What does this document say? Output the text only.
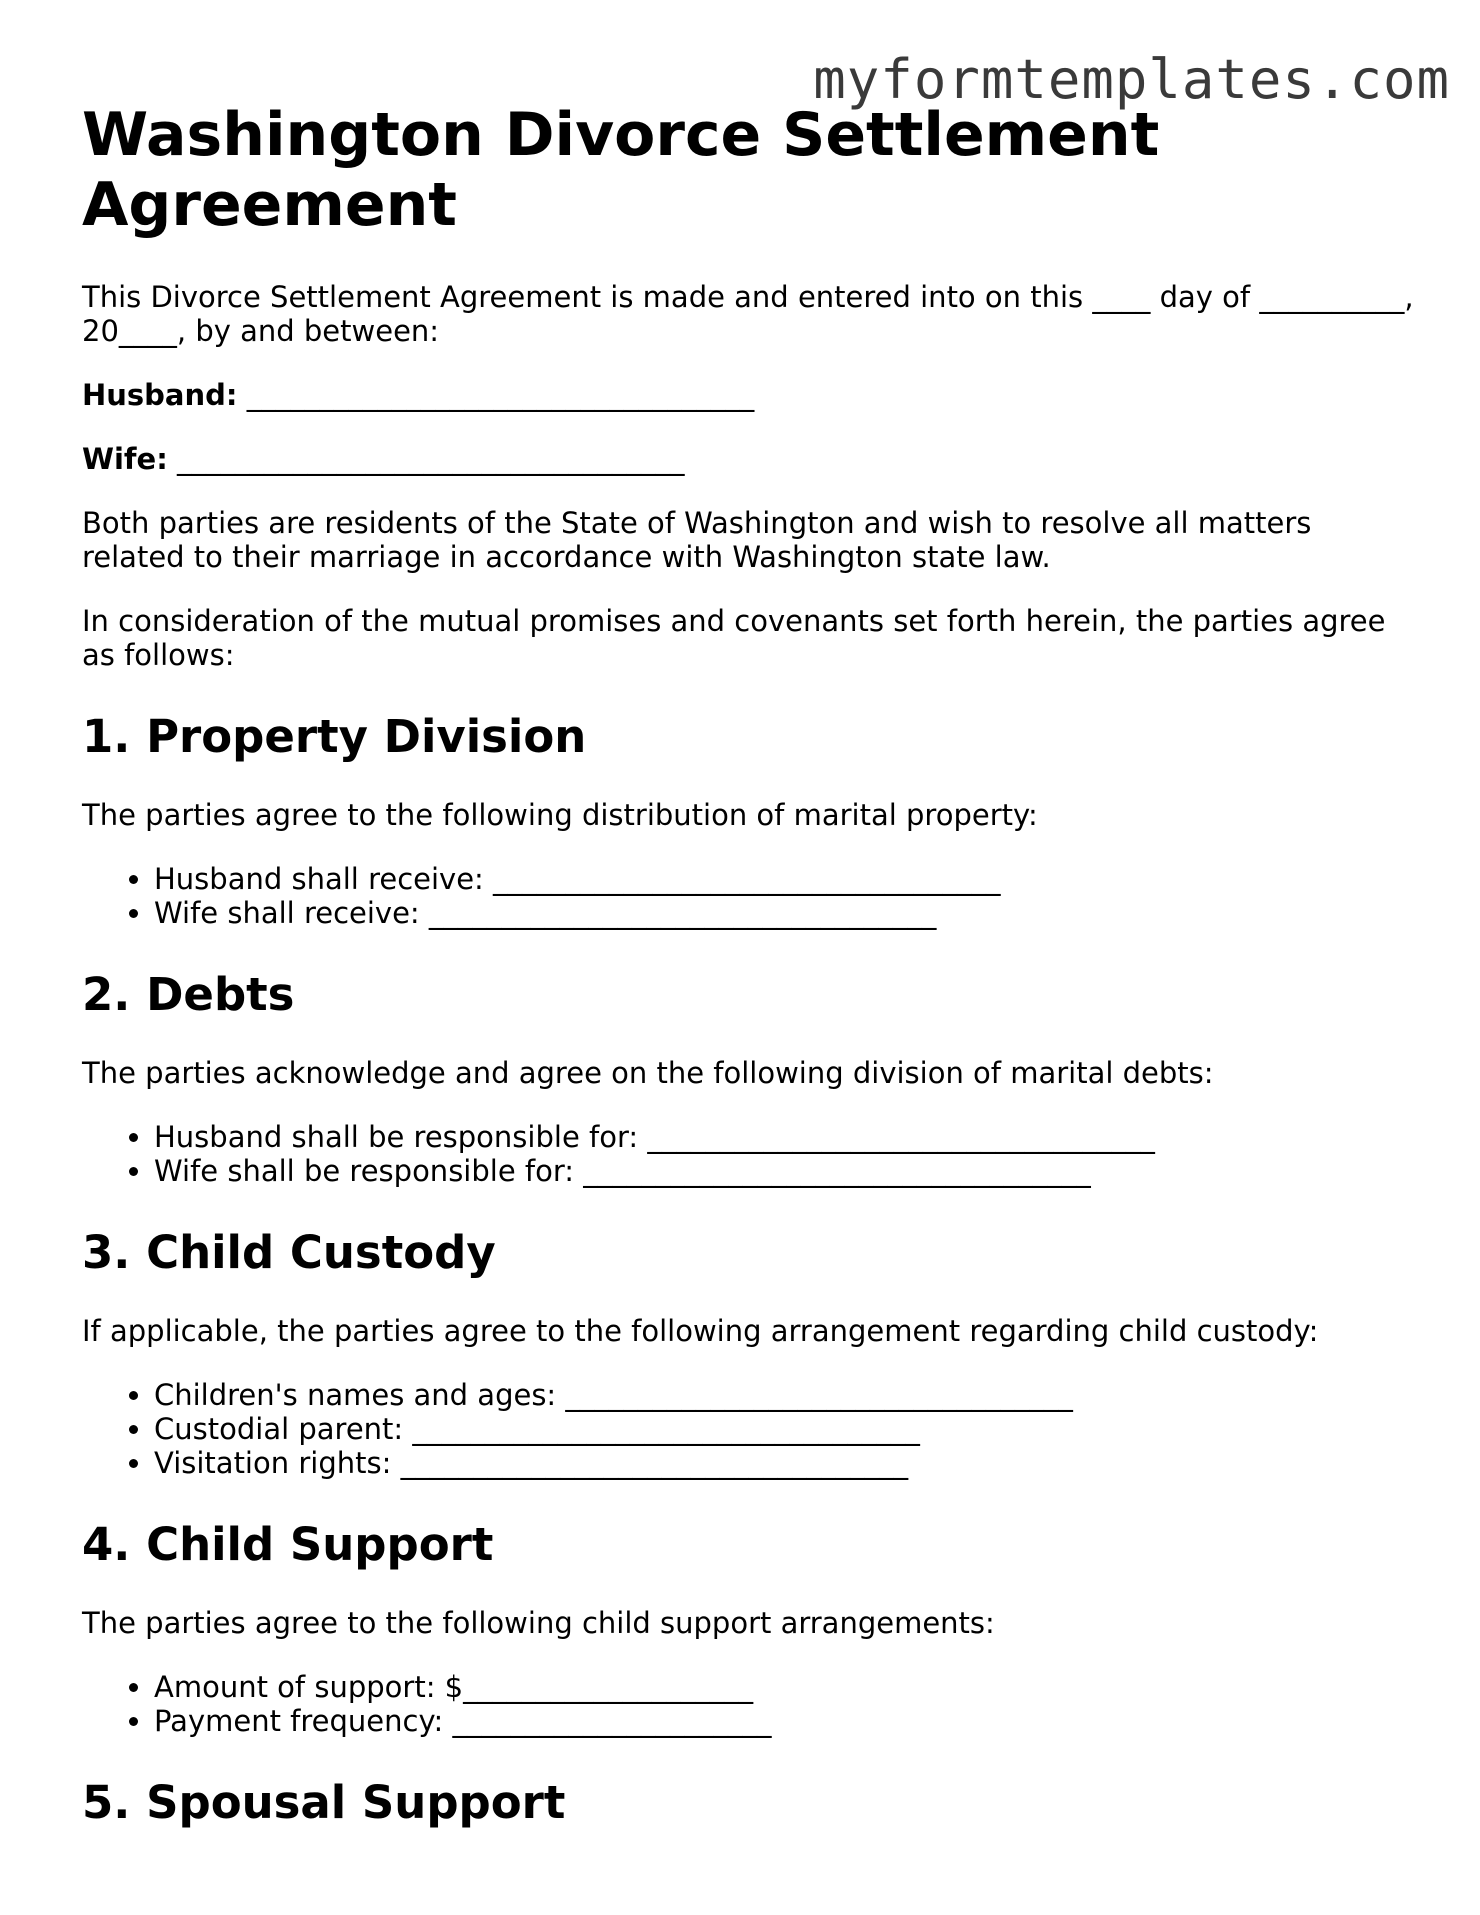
myformtemplates.com
Washington Divorce Settlement Agreement

This Divorce Settlement Agreement is made and entered into on this ____ day of __________, 20____, by and between:

Husband: ___________________________________
Wife: ___________________________________

Both parties are residents of the State of Washington and wish to resolve all matters related to their marriage in accordance with Washington state law.

In consideration of the mutual promises and covenants set forth herein, the parties agree as follows:

1. Property Division

The parties agree to the following distribution of marital property:

• Husband shall receive: ___________________________________
• Wife shall receive: ___________________________________
2. Debts

The parties acknowledge and agree on the following division of marital debts:

• Husband shall be responsible for: ___________________________________
• Wife shall be responsible for: ___________________________________
3. Child Custody

If applicable, the parties agree to the following arrangement regarding child custody:

• Children's names and ages: ___________________________________
• Custodial parent: ___________________________________
• Visitation rights: ___________________________________
4. Child Support

The parties agree to the following child support arrangements:

• Amount of support: $____________________
• Payment frequency: ______________________
5. Spousal Support
